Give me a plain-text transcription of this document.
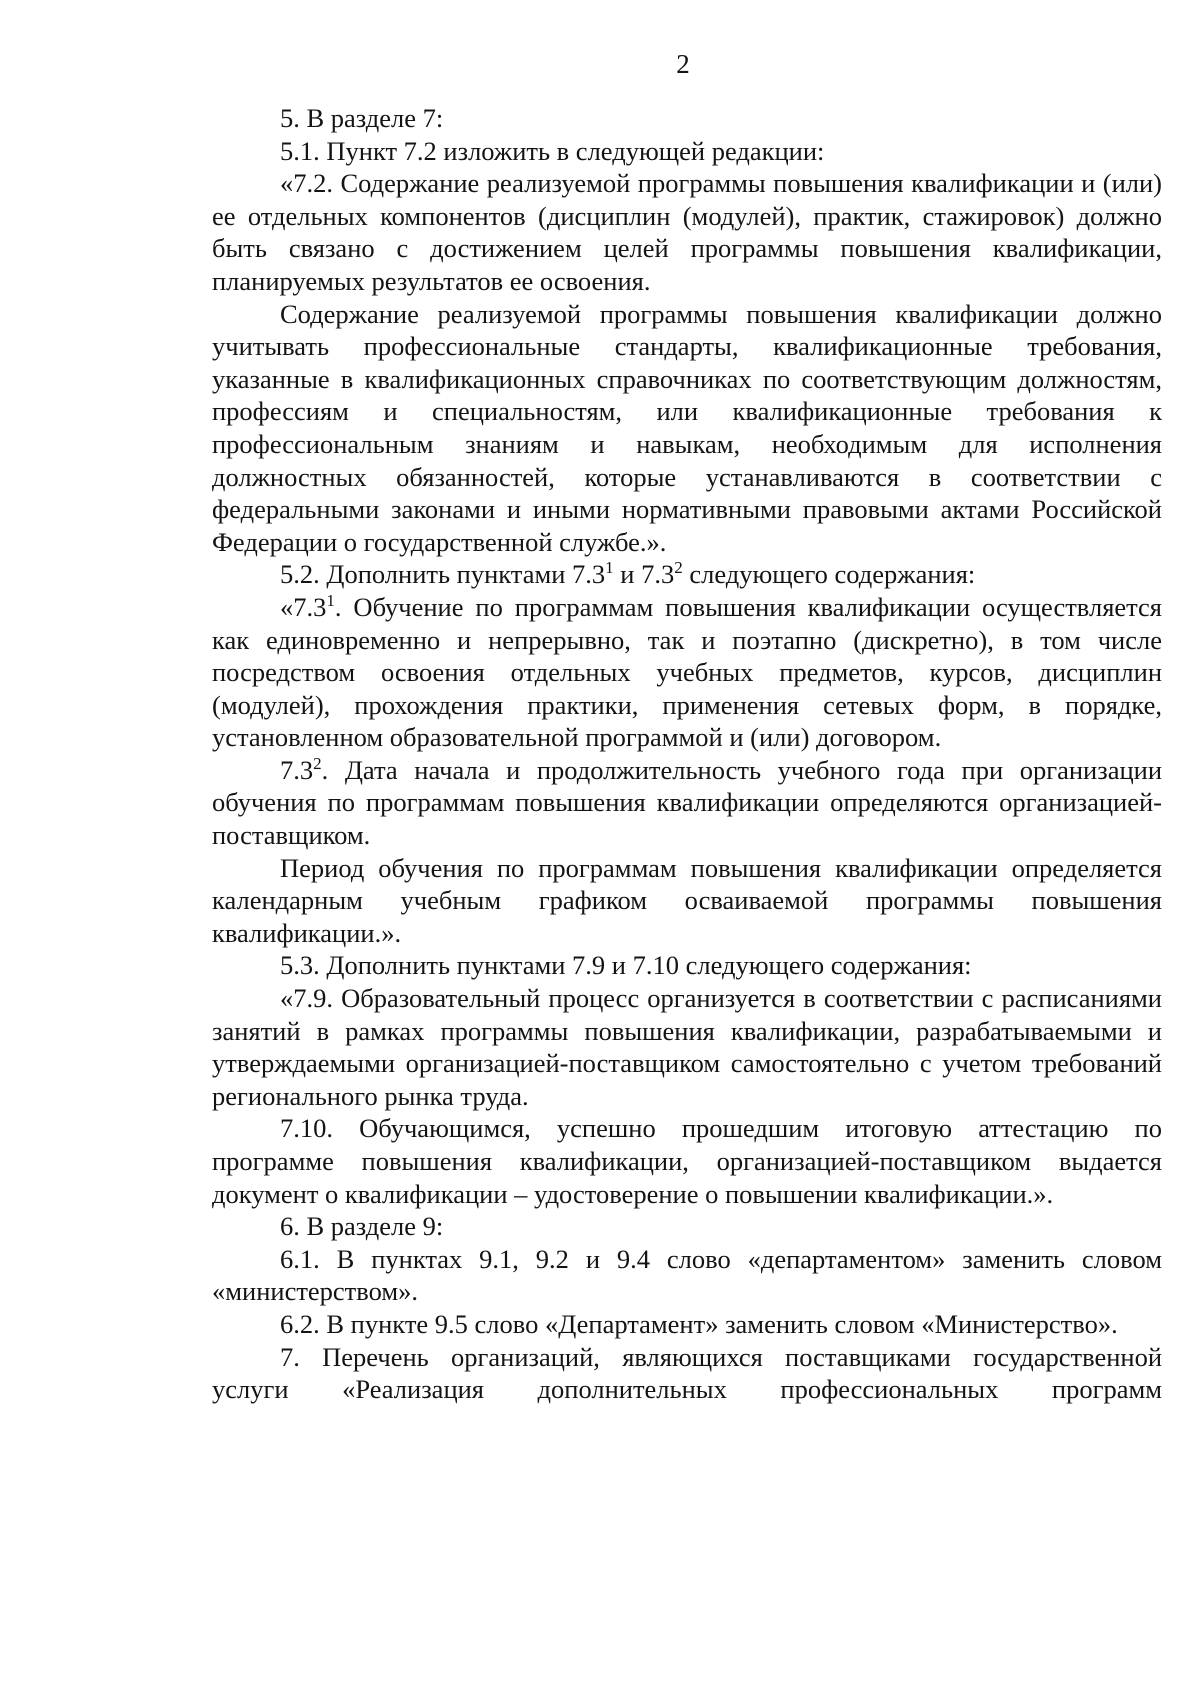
2

5. В разделе 7:

5.1. Пункт 7.2 изложить в следующей редакции:

«7.2. Содержание реализуемой программы повышения квалификации и (или) ее отдельных компонентов (дисциплин (модулей), практик, стажировок) должно быть связано с достижением целей программы повышения квалификации, планируемых результатов ее освоения.

Содержание реализуемой программы повышения квалификации должно учитывать профессиональные стандарты, квалификационные требования, указанные в квалификационных справочниках по соответствующим должностям, профессиям и специальностям, или квалификационные требования к профессиональным знаниям и навыкам, необходимым для исполнения должностных обязанностей, которые устанавливаются в соответствии с федеральными законами и иными нормативными правовыми актами Российской Федерации о государственной службе.».

5.2. Дополнить пунктами $7.3^1$ и $7.3^2$ следующего содержания:

«$7.3^1$. Обучение по программам повышения квалификации осуществляется как единовременно и непрерывно, так и поэтапно (дискретно), в том числе посредством освоения отдельных учебных предметов, курсов, дисциплин (модулей), прохождения практики, применения сетевых форм, в порядке, установленном образовательной программой и (или) договором.

$7.3^2$. Дата начала и продолжительность учебного года при организации обучения по программам повышения квалификации определяются организацией-поставщиком.

Период обучения по программам повышения квалификации определяется календарным учебным графиком осваиваемой программы повышения квалификации.».

5.3. Дополнить пунктами 7.9 и 7.10 следующего содержания:

«7.9. Образовательный процесс организуется в соответствии с расписаниями занятий в рамках программы повышения квалификации, разрабатываемыми и утверждаемыми организацией-поставщиком самостоятельно с учетом требований регионального рынка труда.

7.10. Обучающимся, успешно прошедшим итоговую аттестацию по программе повышения квалификации, организацией-поставщиком выдается документ о квалификации – удостоверение о повышении квалификации.».

6. В разделе 9:

6.1. В пунктах 9.1, 9.2 и 9.4 слово «департаментом» заменить словом «министерством».

6.2. В пункте 9.5 слово «Департамент» заменить словом «Министерство».

7. Перечень организаций, являющихся поставщиками государственной услуги «Реализация дополнительных профессиональных программ
